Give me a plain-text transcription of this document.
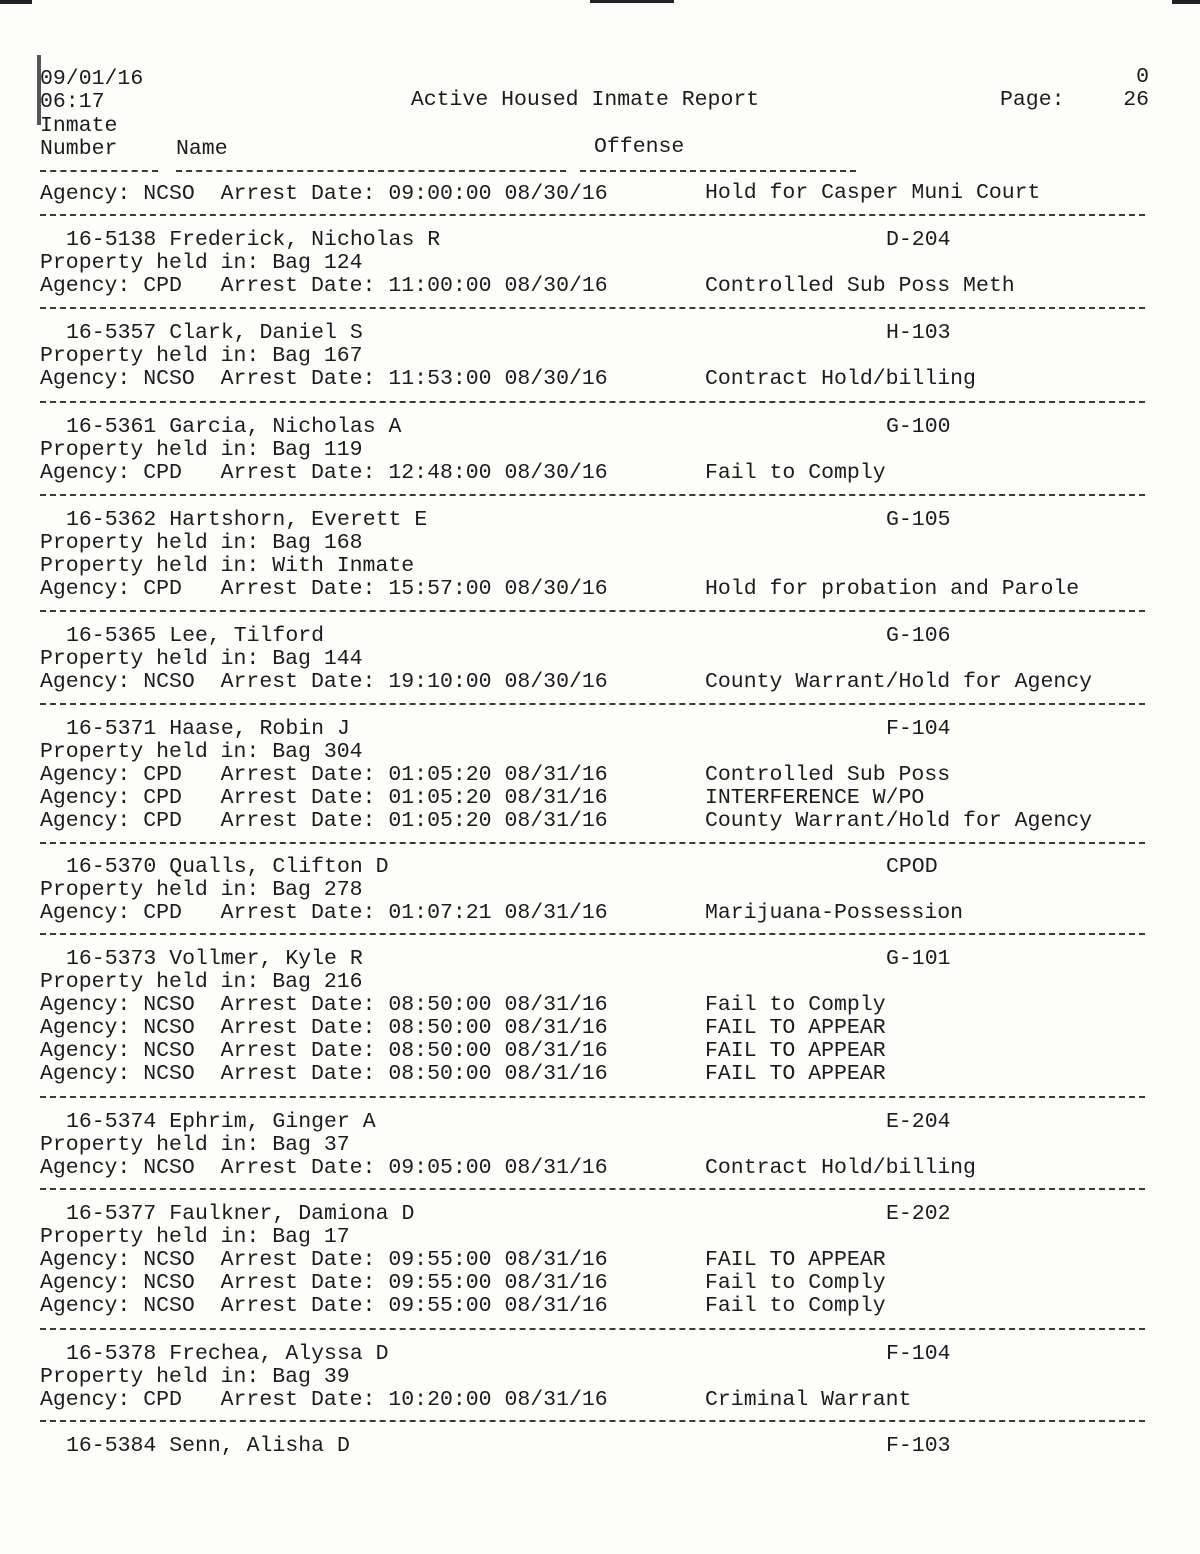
09/01/16
06:17	Active Housed Inmate Report	Page:
0
26
Inmate
Number	Name	Offense
Agency: NCSO  Arrest Date: 09:00:00 08/30/16	Hold for Casper Muni Court
16-5138 Frederick, Nicholas R	D-204
Property held in: Bag 124
Agency: CPD   Arrest Date: 11:00:00 08/30/16	Controlled Sub Poss Meth
16-5357 Clark, Daniel S	H-103
Property held in: Bag 167
Agency: NCSO  Arrest Date: 11:53:00 08/30/16	Contract Hold/billing
16-5361 Garcia, Nicholas A	G-100
Property held in: Bag 119
Agency: CPD   Arrest Date: 12:48:00 08/30/16	Fail to Comply
16-5362 Hartshorn, Everett E	G-105
Property held in: Bag 168
Property held in: With Inmate
Agency: CPD   Arrest Date: 15:57:00 08/30/16	Hold for probation and Parole
16-5365 Lee, Tilford	G-106
Property held in: Bag 144
Agency: NCSO  Arrest Date: 19:10:00 08/30/16	County Warrant/Hold for Agency
16-5371 Haase, Robin J	F-104
Property held in: Bag 304
Agency: CPD   Arrest Date: 01:05:20 08/31/16	Controlled Sub Poss
Agency: CPD   Arrest Date: 01:05:20 08/31/16	INTERFERENCE W/PO
Agency: CPD   Arrest Date: 01:05:20 08/31/16	County Warrant/Hold for Agency
16-5370 Qualls, Clifton D	CPOD
Property held in: Bag 278
Agency: CPD   Arrest Date: 01:07:21 08/31/16	Marijuana-Possession
16-5373 Vollmer, Kyle R	G-101
Property held in: Bag 216
Agency: NCSO  Arrest Date: 08:50:00 08/31/16	Fail to Comply
Agency: NCSO  Arrest Date: 08:50:00 08/31/16	FAIL TO APPEAR
Agency: NCSO  Arrest Date: 08:50:00 08/31/16	FAIL TO APPEAR
Agency: NCSO  Arrest Date: 08:50:00 08/31/16	FAIL TO APPEAR
16-5374 Ephrim, Ginger A	E-204
Property held in: Bag 37
Agency: NCSO  Arrest Date: 09:05:00 08/31/16	Contract Hold/billing
16-5377 Faulkner, Damiona D	E-202
Property held in: Bag 17
Agency: NCSO  Arrest Date: 09:55:00 08/31/16	FAIL TO APPEAR
Agency: NCSO  Arrest Date: 09:55:00 08/31/16	Fail to Comply
Agency: NCSO  Arrest Date: 09:55:00 08/31/16	Fail to Comply
16-5378 Frechea, Alyssa D	F-104
Property held in: Bag 39
Agency: CPD   Arrest Date: 10:20:00 08/31/16	Criminal Warrant
16-5384 Senn, Alisha D	F-103
